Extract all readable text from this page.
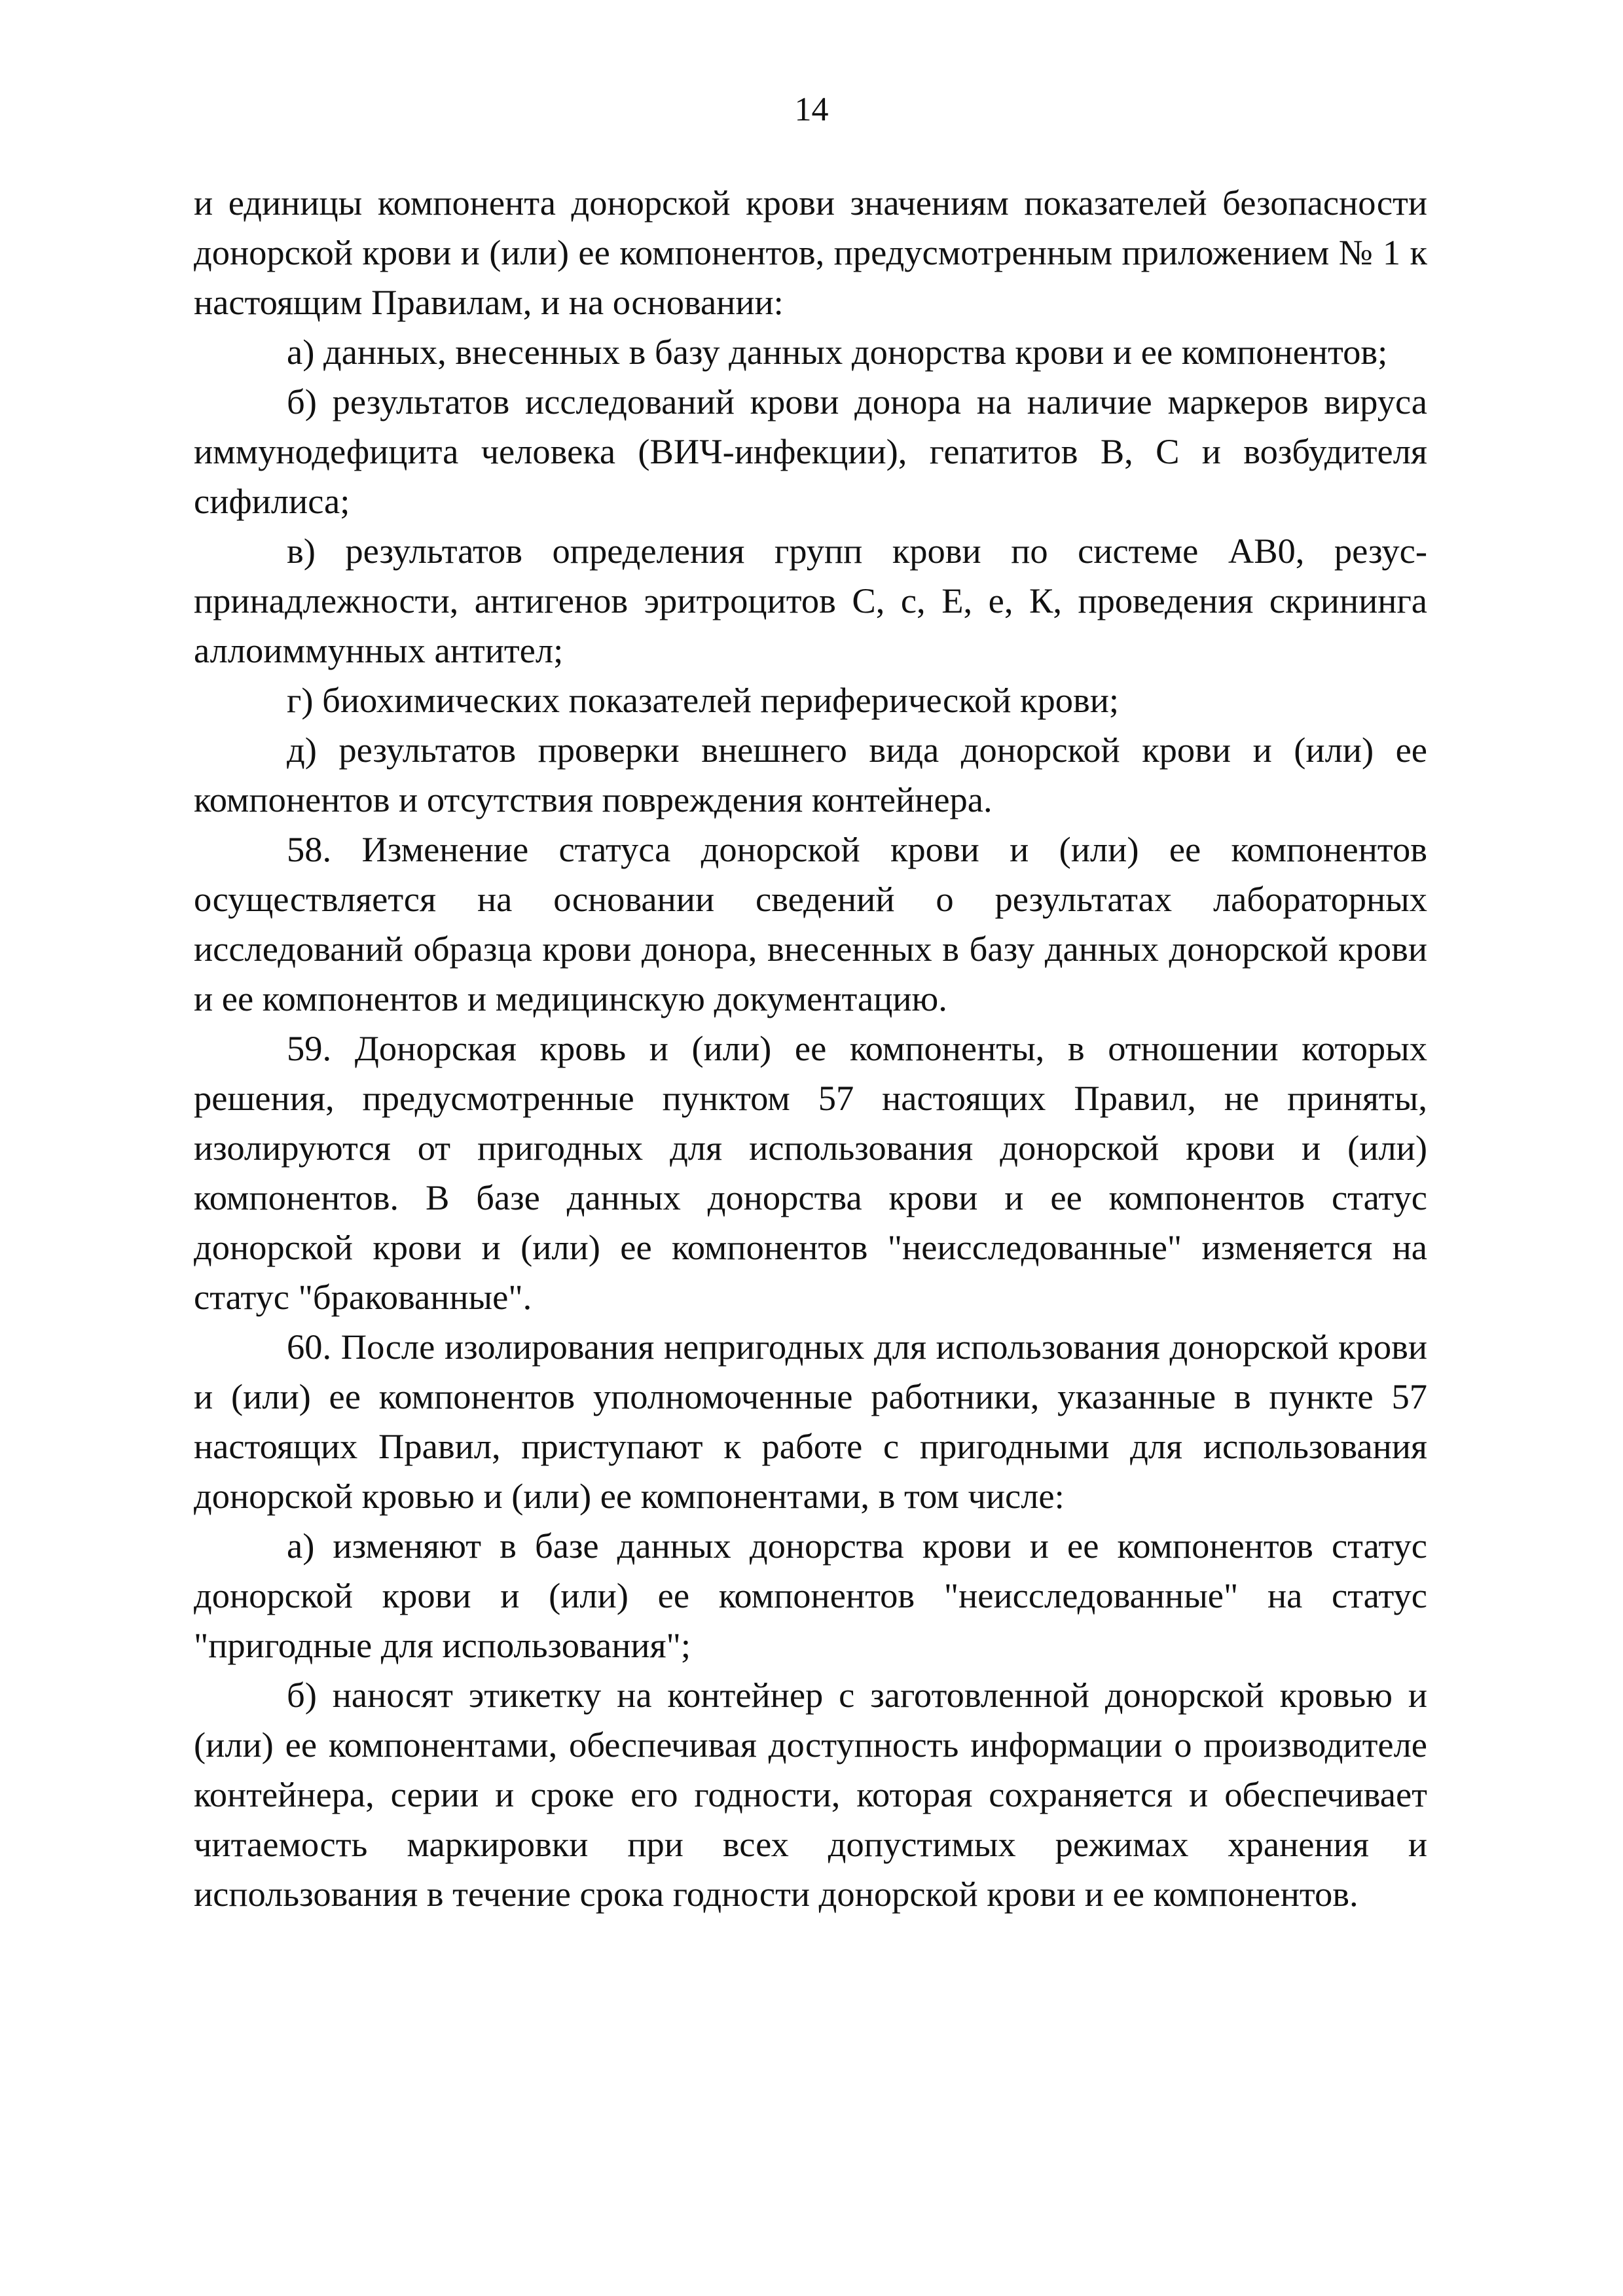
14

и единицы компонента донорской крови значениям показателей безопасности донорской крови и (или) ее компонентов, предусмотренным приложением № 1 к настоящим Правилам, и на основании:

а) данных, внесенных в базу данных донорства крови и ее компонентов;

б) результатов исследований крови донора на наличие маркеров вируса иммунодефицита человека (ВИЧ-инфекции), гепатитов В, С и возбудителя сифилиса;

в) результатов определения групп крови по системе АВ0, резус-принадлежности, антигенов эритроцитов С, с, Е, е, К, проведения скрининга аллоиммунных антител;

г) биохимических показателей периферической крови;

д) результатов проверки внешнего вида донорской крови и (или) ее компонентов и отсутствия повреждения контейнера.

58. Изменение статуса донорской крови и (или) ее компонентов осуществляется на основании сведений о результатах лабораторных исследований образца крови донора, внесенных в базу данных донорской крови и ее компонентов и медицинскую документацию.

59. Донорская кровь и (или) ее компоненты, в отношении которых решения, предусмотренные пунктом 57 настоящих Правил, не приняты, изолируются от пригодных для использования донорской крови и (или) компонентов. В базе данных донорства крови и ее компонентов статус донорской крови и (или) ее компонентов "неисследованные" изменяется на статус "бракованные".

60. После изолирования непригодных для использования донорской крови и (или) ее компонентов уполномоченные работники, указанные в пункте 57 настоящих Правил, приступают к работе с пригодными для использования донорской кровью и (или) ее компонентами, в том числе:

а) изменяют в базе данных донорства крови и ее компонентов статус донорской крови и (или) ее компонентов "неисследованные" на статус "пригодные для использования";

б) наносят этикетку на контейнер с заготовленной донорской кровью и (или) ее компонентами, обеспечивая доступность информации о производителе контейнера, серии и сроке его годности, которая сохраняется и обеспечивает читаемость маркировки при всех допустимых режимах хранения и использования в течение срока годности донорской крови и ее компонентов.
